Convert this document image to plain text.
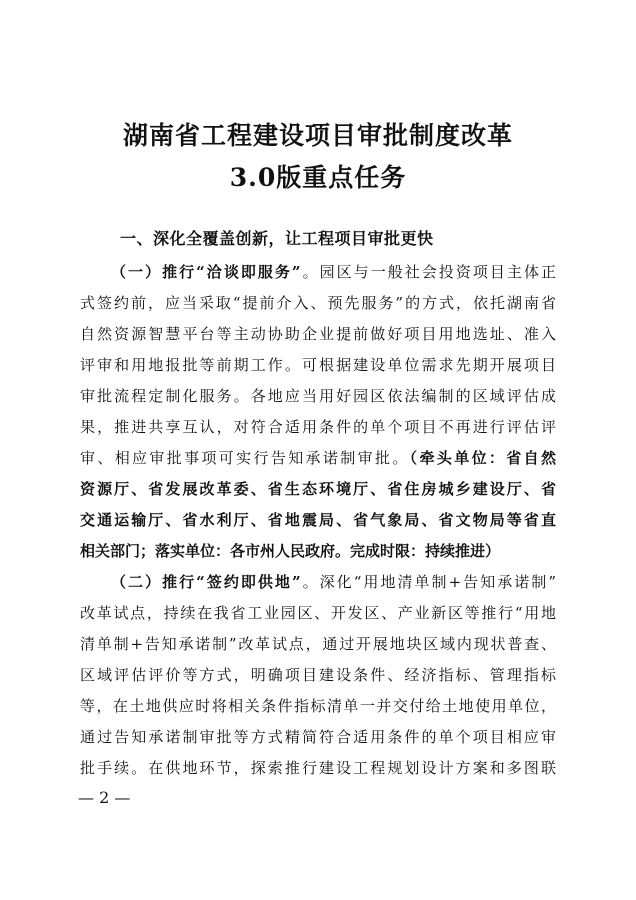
湖南省工程建设项目审批制度改革
3.0版重点任务
一、深化全覆盖创新，让工程项目审批更快
（一）推行“洽谈即服务”。园区与一般社会投资项目主体正
式签约前，应当采取“提前介入、预先服务”的方式，依托湖南省
自然资源智慧平台等主动协助企业提前做好项目用地选址、准入
评审和用地报批等前期工作。可根据建设单位需求先期开展项目
审批流程定制化服务。各地应当用好园区依法编制的区域评估成
果，推进共享互认，对符合适用条件的单个项目不再进行评估评
审、相应审批事项可实行告知承诺制审批。（牵头单位：省自然
资源厅、省发展改革委、省生态环境厅、省住房城乡建设厅、省
交通运输厅、省水利厅、省地震局、省气象局、省文物局等省直
相关部门；落实单位：各市州人民政府。完成时限：持续推进）
（二）推行“签约即供地”。深化“用地清单制+告知承诺制”
改革试点，持续在我省工业园区、开发区、产业新区等推行“用地
清单制+告知承诺制”改革试点，通过开展地块区域内现状普查、
区域评估评价等方式，明确项目建设条件、经济指标、管理指标
等，在土地供应时将相关条件指标清单一并交付给土地使用单位，
通过告知承诺制审批等方式精简符合适用条件的单个项目相应审
批手续。在供地环节，探索推行建设工程规划设计方案和多图联
— 2 —
